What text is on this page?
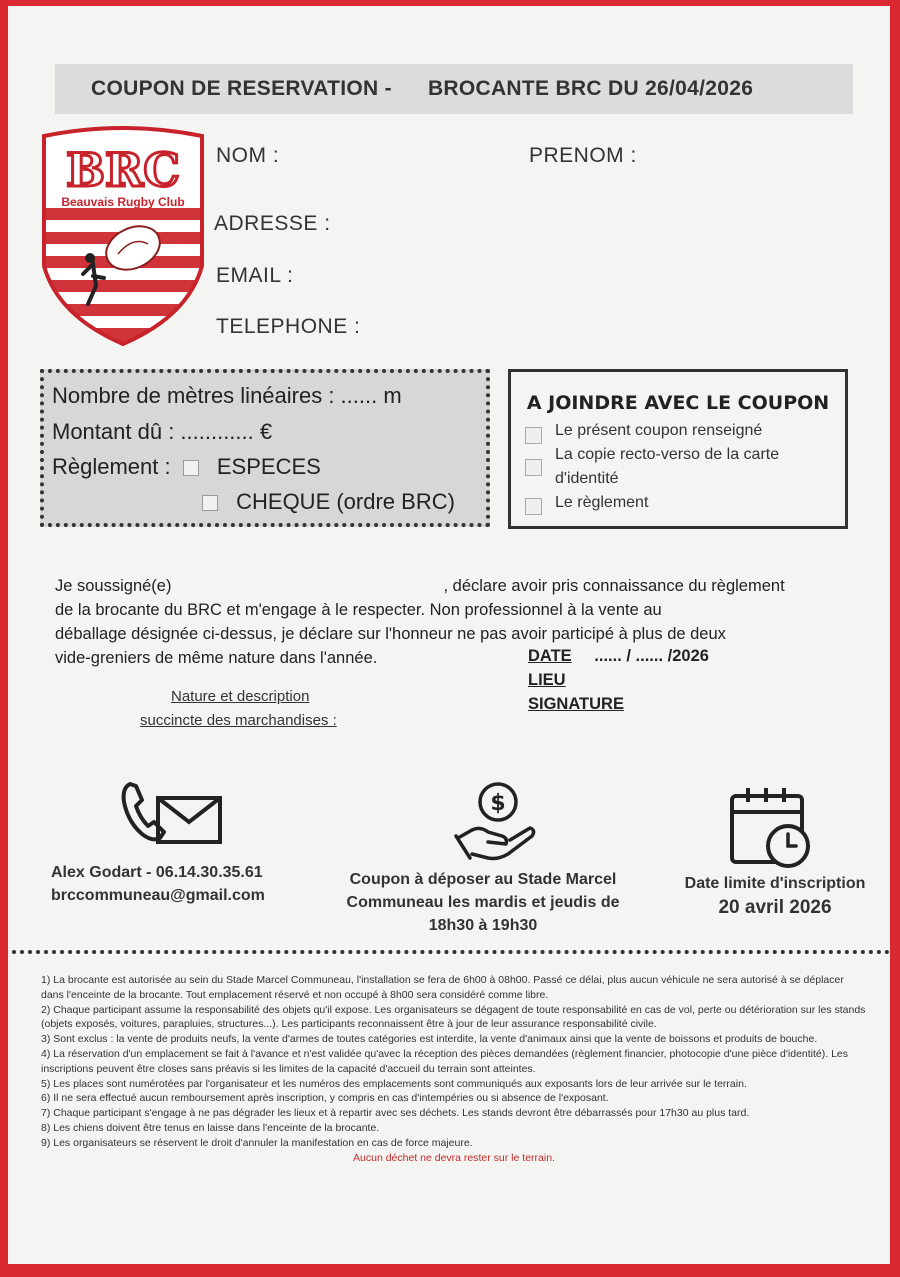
COUPON DE RESERVATION - BROCANTE BRC DU 26/04/2026
BRC
Beauvais Rugby Club
NOM :	PRENOM :
ADRESSE :
EMAIL :
TELEPHONE :
Nombre de mètres linéaires : ...... m
Montant dû : ............ €
Règlement : ESPECES
CHEQUE (ordre BRC)
A JOINDRE AVEC LE COUPON
Le présent coupon renseigné
La copie recto-verso de la carte
d'identité
Le règlement
Je soussigné(e)	, déclare avoir pris connaissance du règlement
de la brocante du BRC et m'engage à le respecter. Non professionnel à la vente au
déballage désignée ci-dessus, je déclare sur l'honneur ne pas avoir participé à plus de deux
vide-greniers de même nature dans l'année.	DATE ...... / ...... /2026
LIEU
SIGNATURE
Nature et description
succincte des marchandises :
$
Alex Godart - 06.14.30.35.61
brccommuneau@gmail.com
Coupon à déposer au Stade Marcel
Communeau les mardis et jeudis de
18h30 à 19h30
Date limite d'inscription
20 avril 2026

1) La brocante est autorisée au sein du Stade Marcel Communeau, l'installation se fera de 6h00 à 08h00. Passé ce délai, plus aucun véhicule ne sera autorisé à se déplacer dans l'enceinte de la brocante. Tout emplacement réservé et non occupé à 8h00 sera considéré comme libre.

2) Chaque participant assume la responsabilité des objets qu'il expose. Les organisateurs se dégagent de toute responsabilité en cas de vol, perte ou détérioration sur les stands (objets exposés, voitures, parapluies, structures...). Les participants reconnaissent être à jour de leur assurance responsabilité civile.

3) Sont exclus : la vente de produits neufs, la vente d'armes de toutes catégories est interdite, la vente d'animaux ainsi que la vente de boissons et produits de bouche.

4) La réservation d'un emplacement se fait à l'avance et n'est validée qu'avec la réception des pièces demandées (règlement financier, photocopie d'une pièce d'identité). Les inscriptions peuvent être closes sans préavis si les limites de la capacité d'accueil du terrain sont atteintes.

5) Les places sont numérotées par l'organisateur et les numéros des emplacements sont communiqués aux exposants lors de leur arrivée sur le terrain.

6) Il ne sera effectué aucun remboursement après inscription, y compris en cas d'intempéries ou si absence de l'exposant.

7) Chaque participant s'engage à ne pas dégrader les lieux et à repartir avec ses déchets. Les stands devront être débarrassés pour 17h30 au plus tard.

8) Les chiens doivent être tenus en laisse dans l'enceinte de la brocante.

9) Les organisateurs se réservent le droit d'annuler la manifestation en cas de force majeure.

Aucun déchet ne devra rester sur le terrain.
